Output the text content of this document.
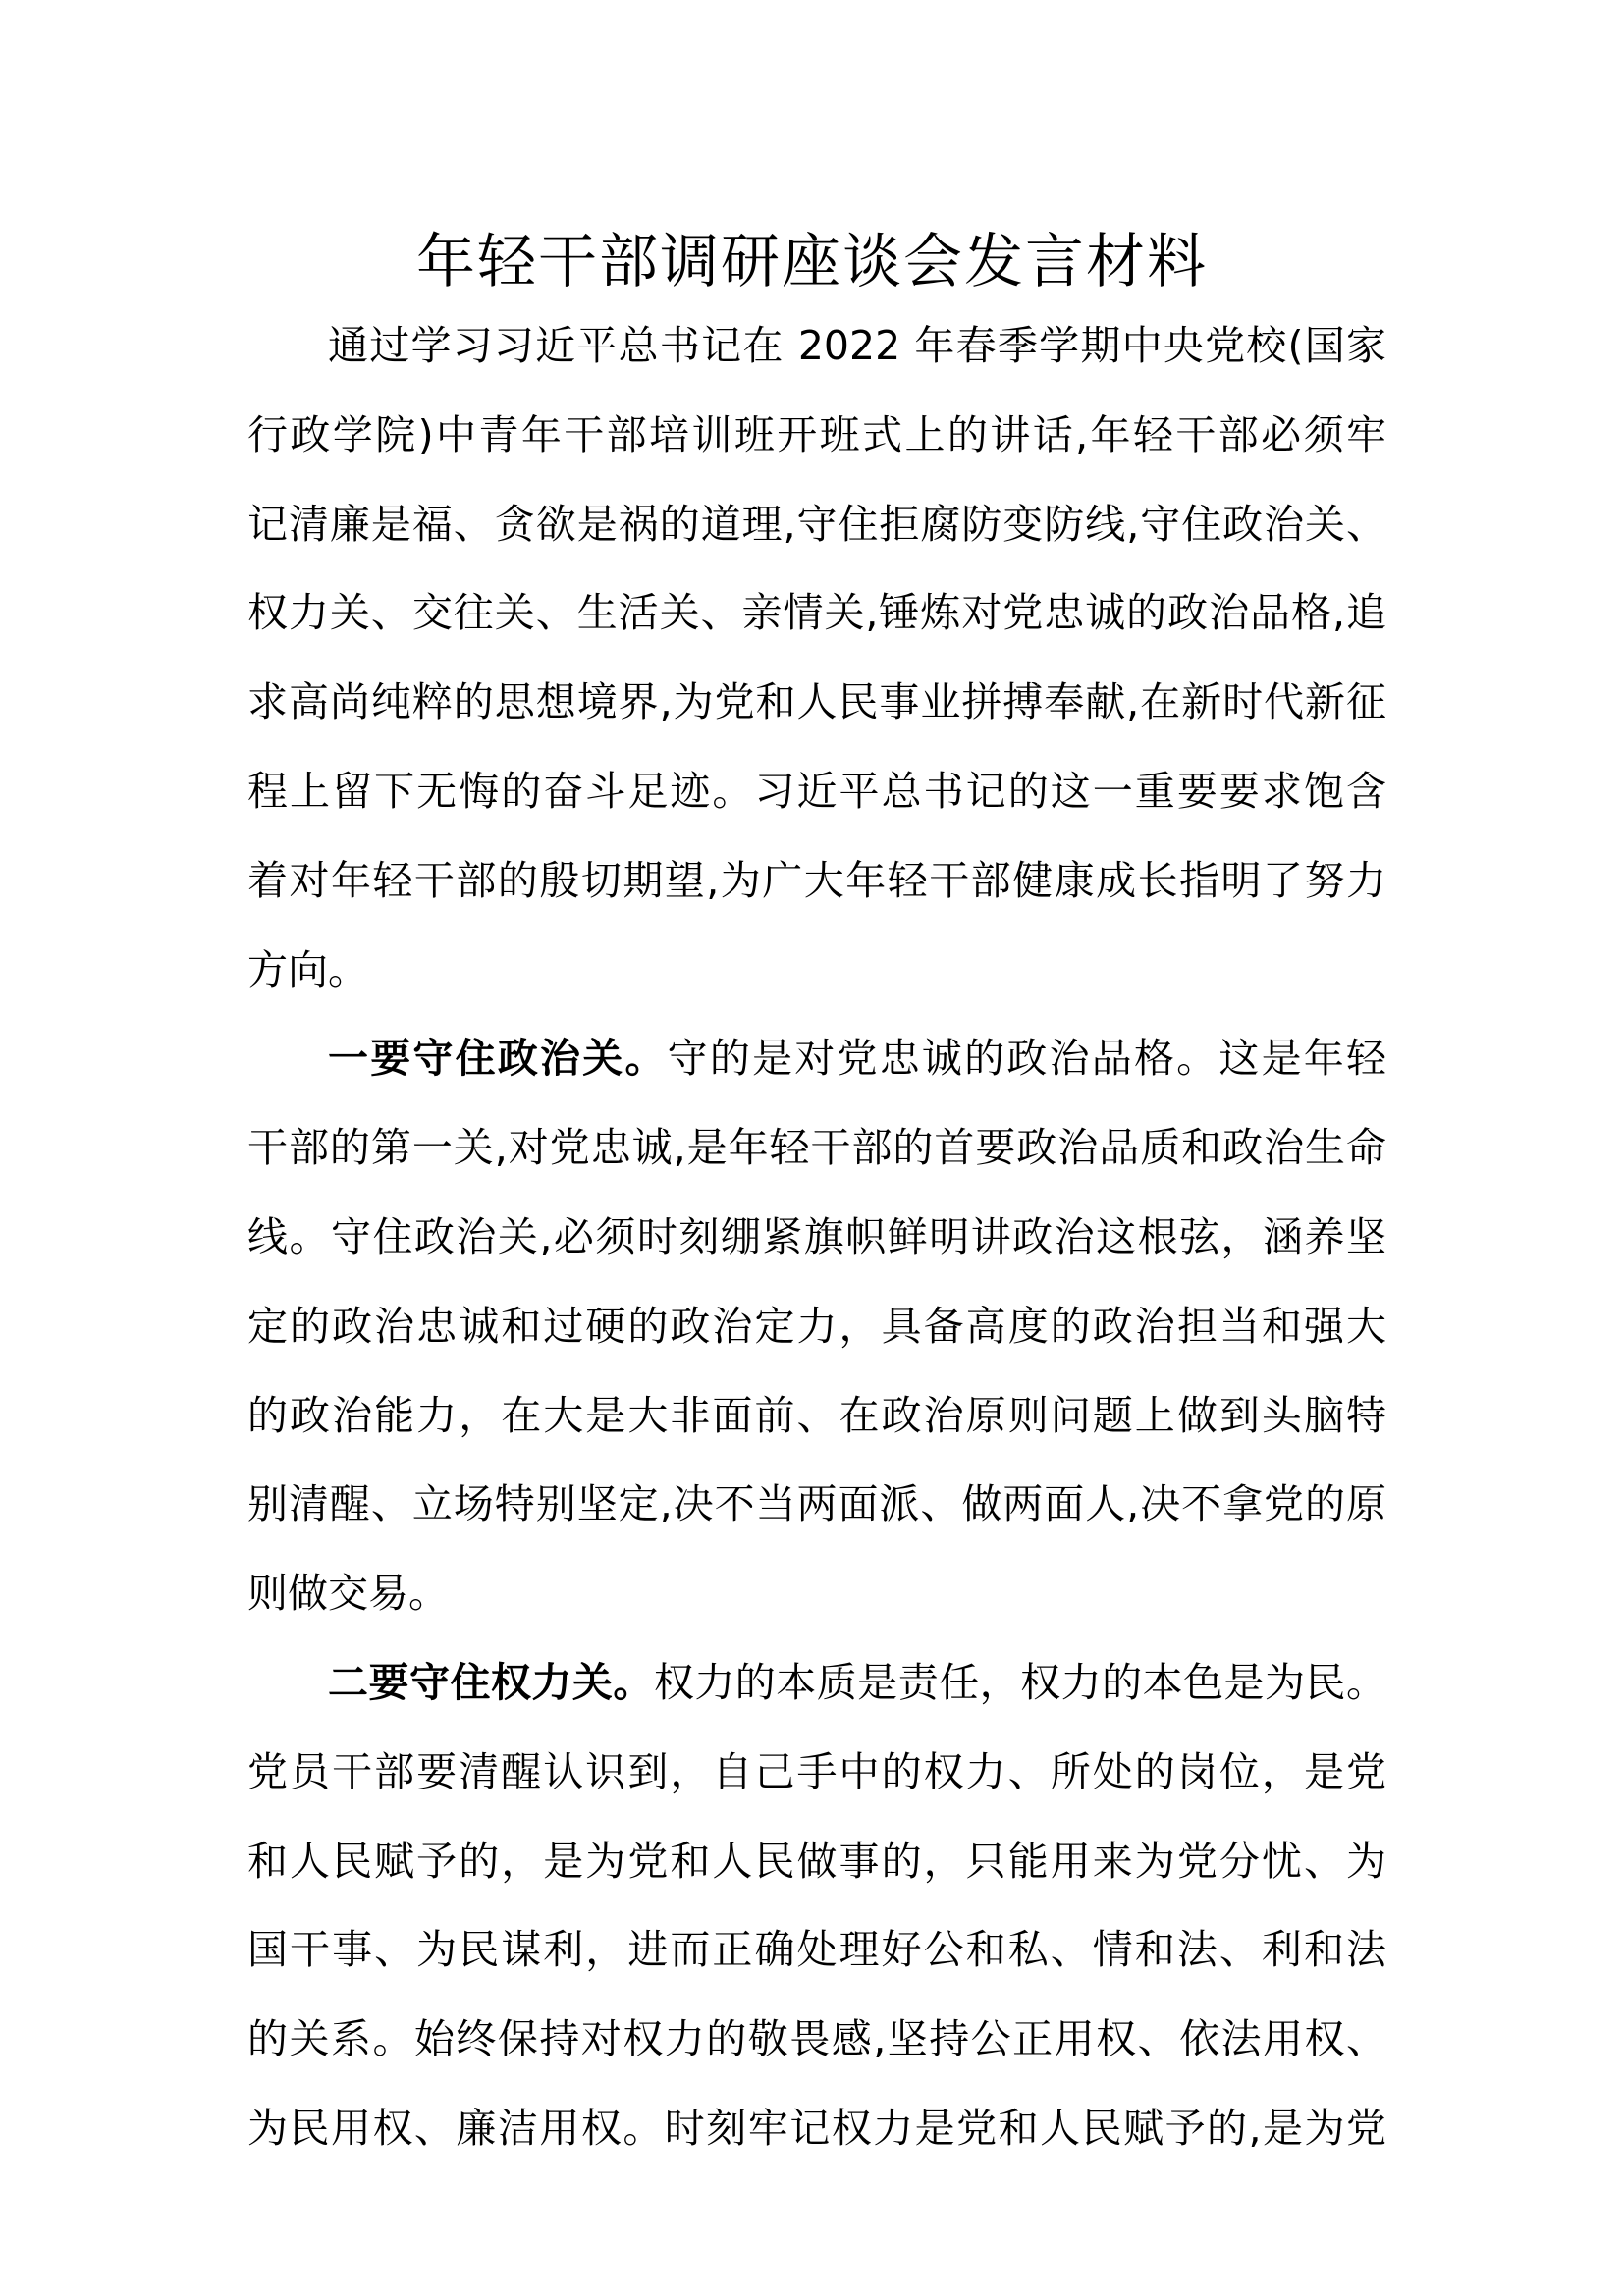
年轻干部调研座谈会发言材料

通过学习习近平总书记在 2022 年春季学期中央党校(国家
行政学院)中青年干部培训班开班式上的讲话,年轻干部必须牢
记清廉是福、贪欲是祸的道理,守住拒腐防变防线,守住政治关、
权力关、交往关、生活关、亲情关,锤炼对党忠诚的政治品格,追
求高尚纯粹的思想境界,为党和人民事业拼搏奉献,在新时代新征
程上留下无悔的奋斗足迹。习近平总书记的这一重要要求饱含
着对年轻干部的殷切期望,为广大年轻干部健康成长指明了努力
方向。

一要守住政治关。守的是对党忠诚的政治品格。这是年轻
干部的第一关,对党忠诚,是年轻干部的首要政治品质和政治生命
线。守住政治关,必须时刻绷紧旗帜鲜明讲政治这根弦，涵养坚
定的政治忠诚和过硬的政治定力，具备高度的政治担当和强大
的政治能力，在大是大非面前、在政治原则问题上做到头脑特
别清醒、立场特别坚定,决不当两面派、做两面人,决不拿党的原
则做交易。

二要守住权力关。权力的本质是责任，权力的本色是为民。
党员干部要清醒认识到，自己手中的权力、所处的岗位，是党
和人民赋予的，是为党和人民做事的，只能用来为党分忧、为
国干事、为民谋利，进而正确处理好公和私、情和法、利和法
的关系。始终保持对权力的敬畏感,坚持公正用权、依法用权、
为民用权、廉洁用权。时刻牢记权力是党和人民赋予的,是为党
